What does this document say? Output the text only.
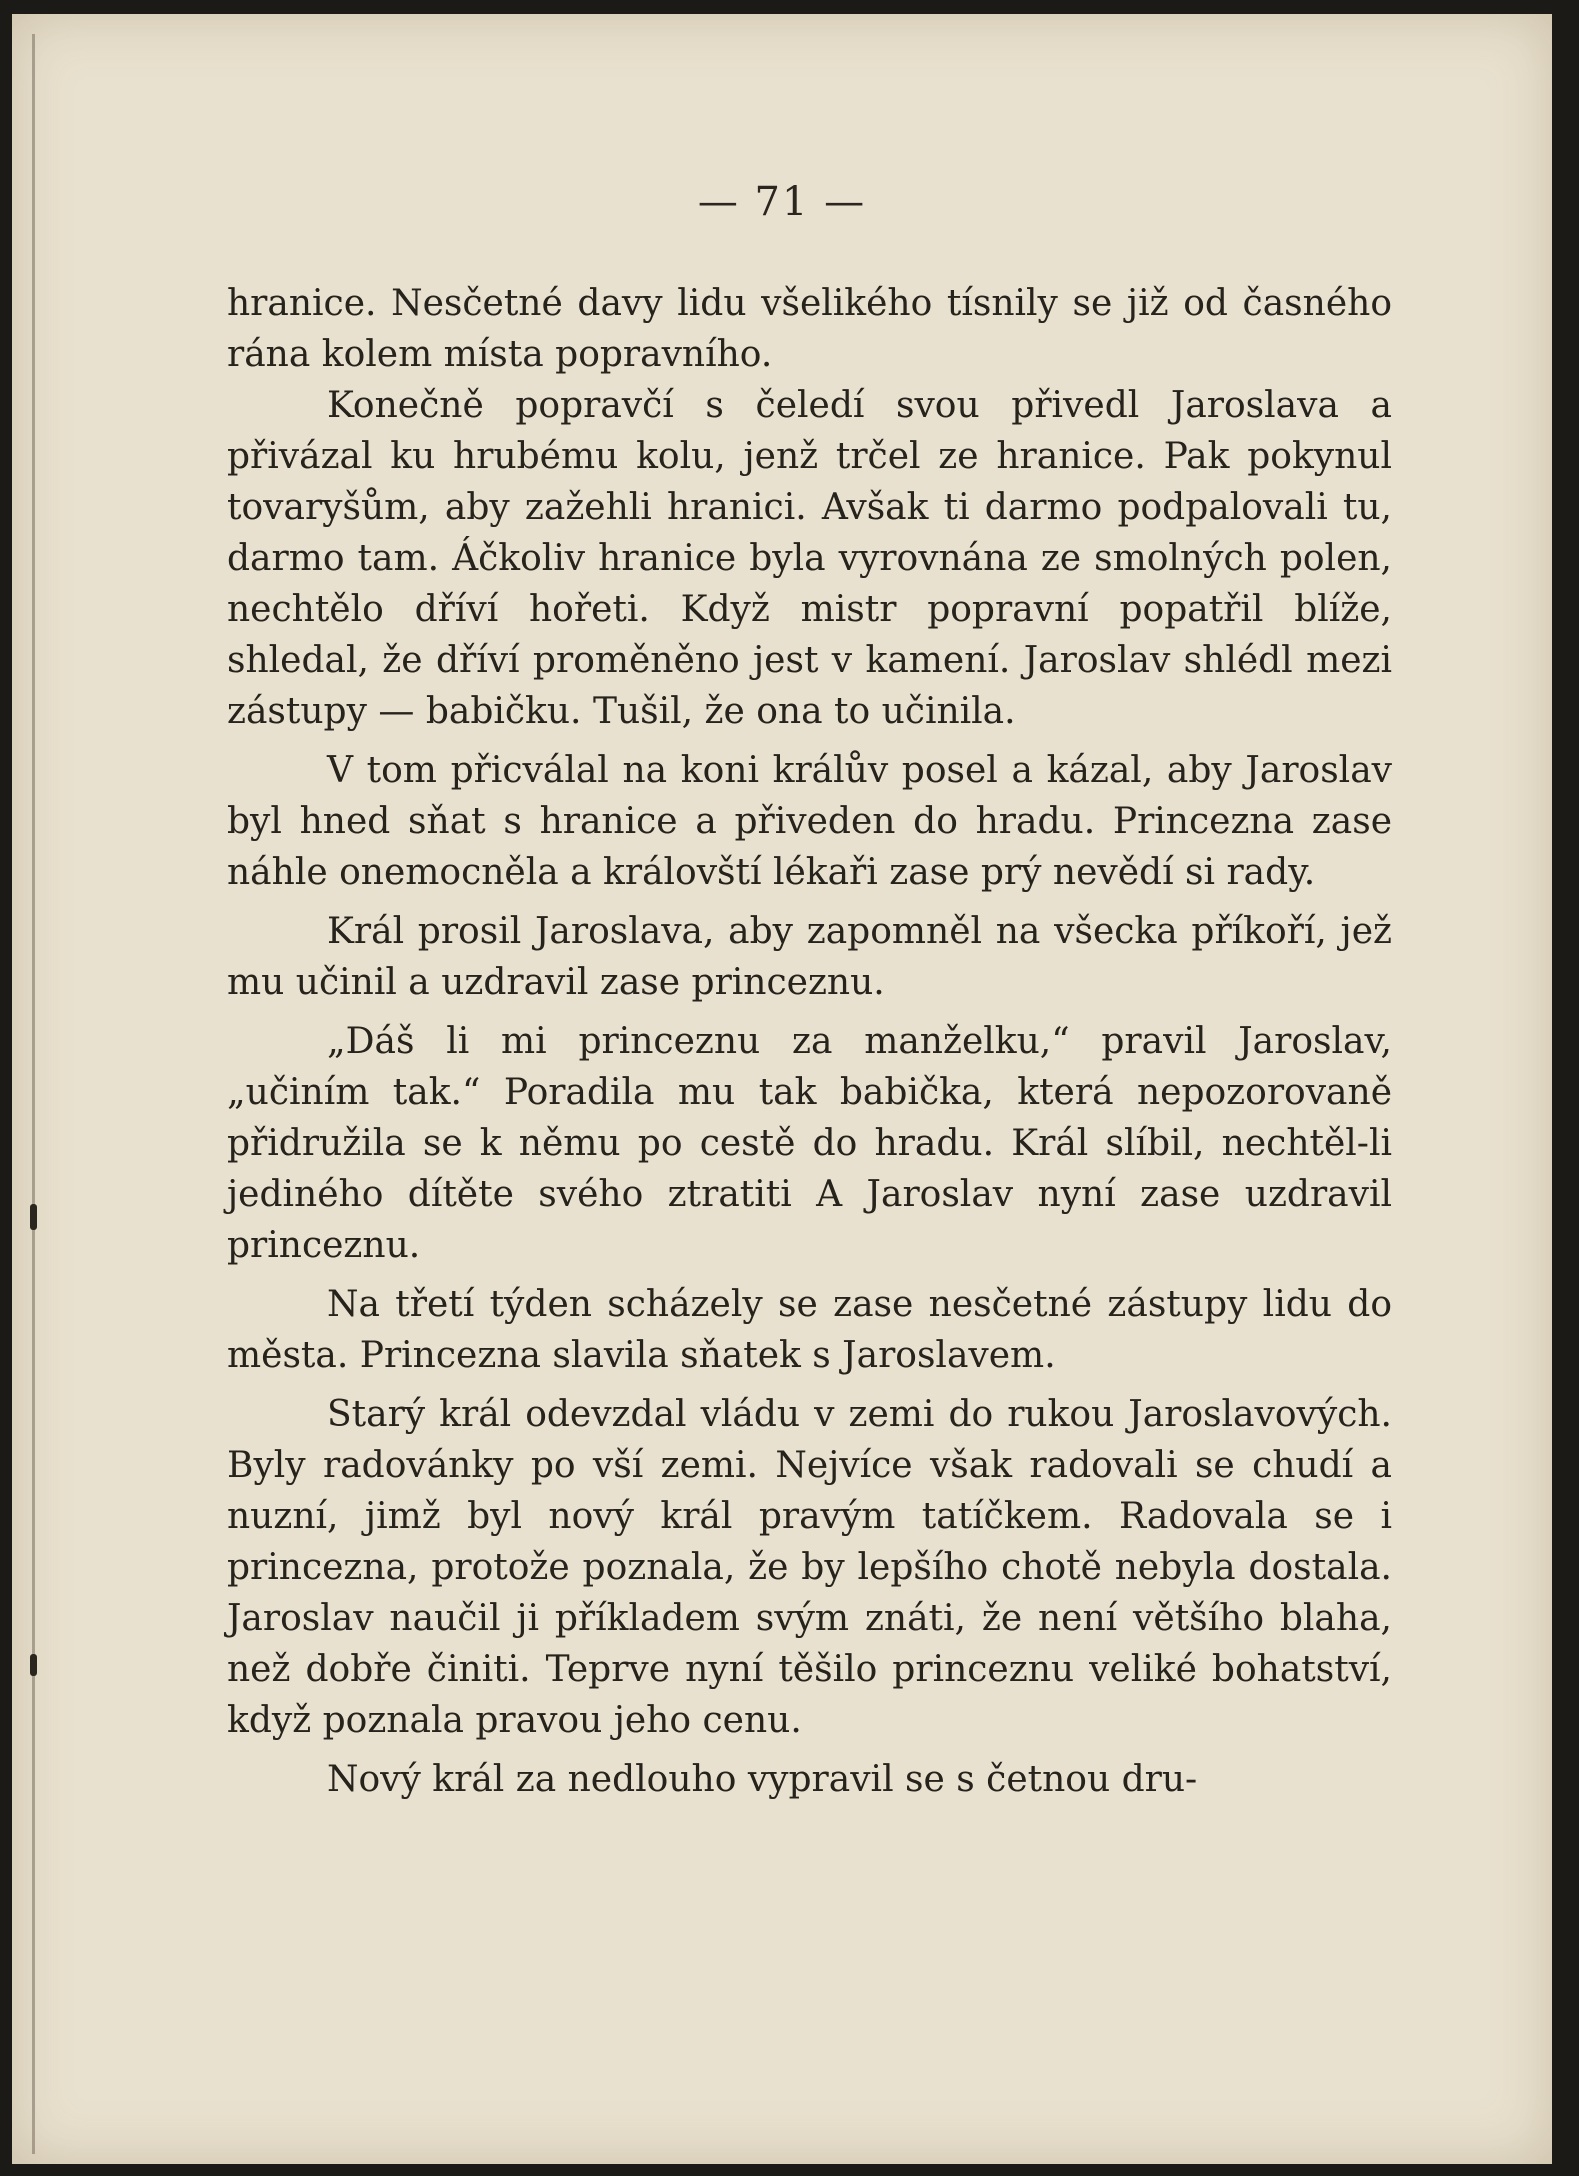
— 71 —

hranice. Nesčetné davy lidu všelikého tísnily se již od časného rána kolem místa popravního.

Konečně popravčí s čeledí svou přivedl Jaroslava a přivázal ku hrubému kolu, jenž trčel ze hranice. Pak pokynul tovaryšům, aby zažehli hranici. Avšak ti darmo podpalovali tu, darmo tam. Áčkoliv hranice byla vyrovnána ze smolných polen, nechtělo dříví hořeti. Když mistr popravní popatřil blíže, shledal, že dříví proměněno jest v kamení. Jaroslav shlédl mezi zástupy — babičku. Tušil, že ona to učinila.

V tom přicválal na koni králův posel a kázal, aby Jaroslav byl hned sňat s hranice a přiveden do hradu. Princezna zase náhle onemocněla a královští lékaři zase prý nevědí si rady.

Král prosil Jaroslava, aby zapomněl na všecka příkoří, jež mu učinil a uzdravil zase princeznu.

„Dáš li mi princeznu za manželku,“ pravil Jaroslav, „učiním tak.“ Poradila mu tak babička, která nepozorovaně přidružila se k němu po cestě do hradu. Král slíbil, nechtěl-li jediného dítěte svého ztratiti A Jaroslav nyní zase uzdravil princeznu.

Na třetí týden scházely se zase nesčetné zástupy lidu do města. Princezna slavila sňatek s Jaroslavem.

Starý král odevzdal vládu v zemi do rukou Jaroslavových. Byly radovánky po vší zemi. Nejvíce však radovali se chudí a nuzní, jimž byl nový král pravým tatíčkem. Radovala se i princezna, protože poznala, že by lepšího chotě nebyla dostala. Jaroslav naučil ji příkladem svým znáti, že není většího blaha, než dobře činiti. Teprve nyní těšilo princeznu veliké bohatství, když poznala pravou jeho cenu.

Nový král za nedlouho vypravil se s četnou dru-
